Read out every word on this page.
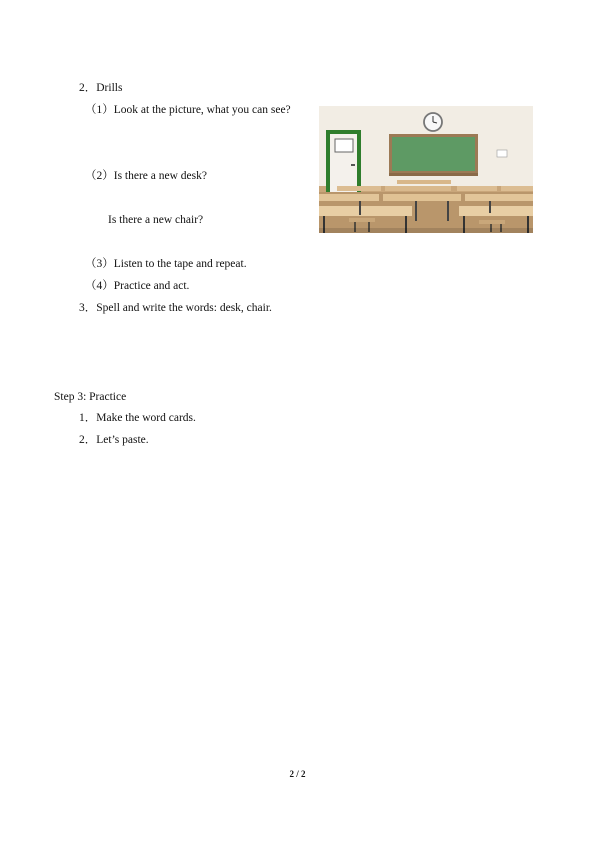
2．Drills
（1）Look at the picture, what you can see?
（2）Is there a new desk?
Is there a new chair?
（3）Listen to the tape and repeat.
（4）Practice and act.
3．Spell and write the words: desk, chair.
Step 3: Practice
1．Make the word cards.
2．Let’s paste.
2 / 2
